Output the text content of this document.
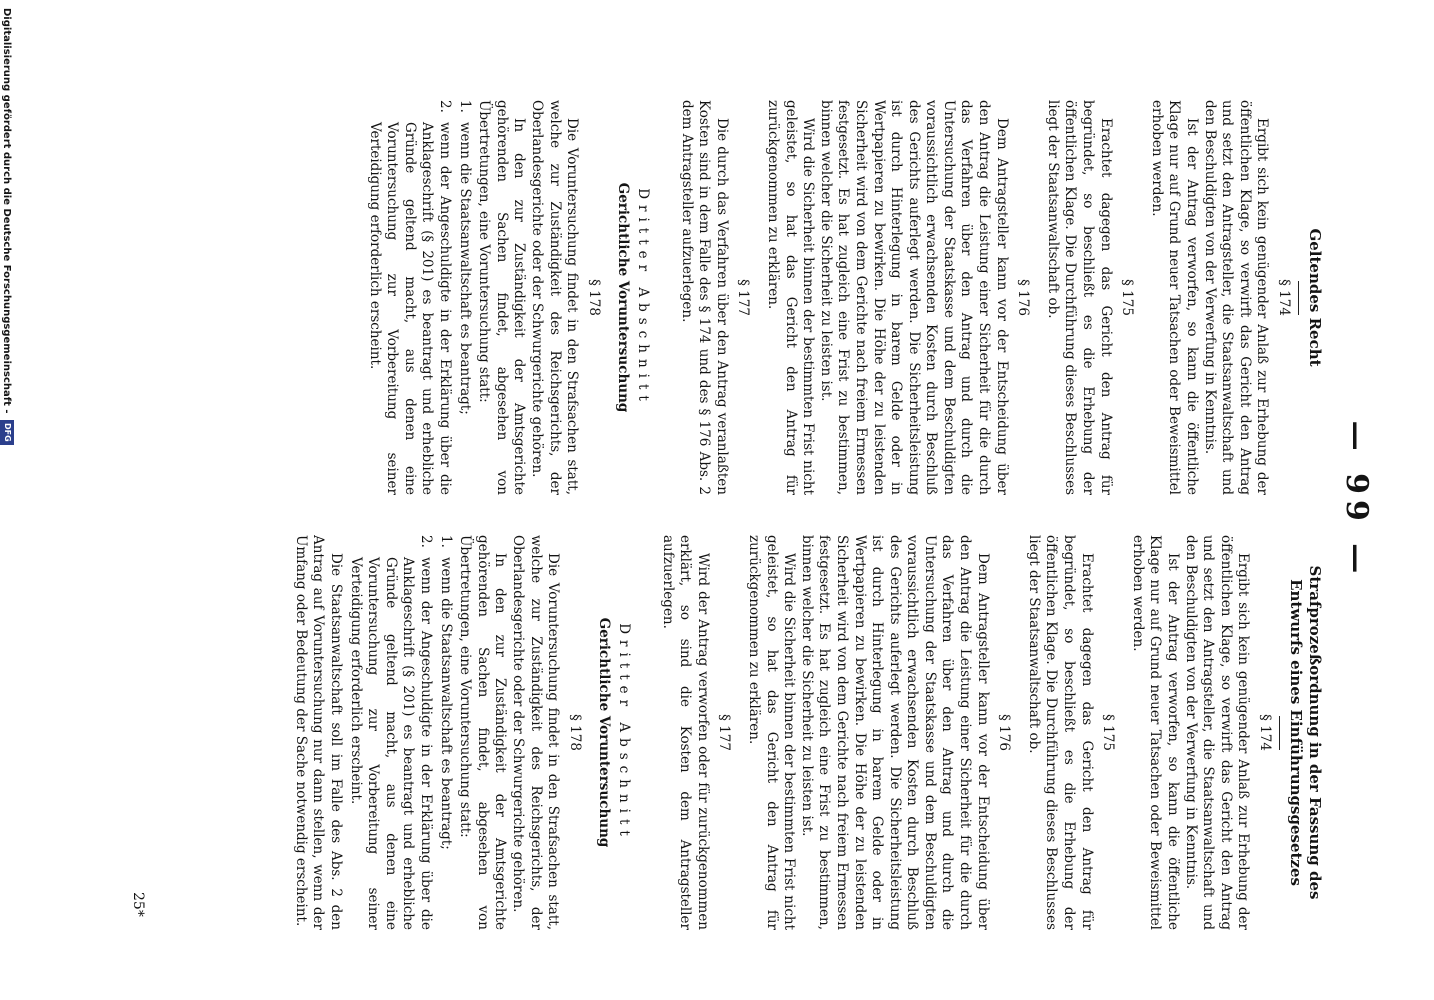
— 99 —
Geltendes Recht
§ 174

Ergibt sich kein genügender Anlaß zur Erhebung der öffentlichen Klage, so verwirft das Gericht den Antrag und setzt den Antragsteller, die Staatsanwaltschaft und den Beschuldigten von der Verwerfung in Kenntnis.

Ist der Antrag verworfen, so kann die öffentliche Klage nur auf Grund neuer Tatsachen oder Beweismittel erhoben werden.

§ 175

Erachtet dagegen das Gericht den Antrag für begründet, so beschließt es die Erhebung der öffentlichen Klage. Die Durchführung dieses Beschlusses liegt der Staatsanwaltschaft ob.

§ 176

Dem Antragsteller kann vor der Entscheidung über den Antrag die Leistung einer Sicherheit für die durch das Verfahren über den Antrag und durch die Untersuchung der Staatskasse und dem Beschuldigten voraussichtlich erwachsenden Kosten durch Beschluß des Gerichts auferlegt werden. Die Sicherheitsleistung ist durch Hinterlegung in barem Gelde oder in Wertpapieren zu bewirken. Die Höhe der zu leistenden Sicherheit wird von dem Gerichte nach freiem Ermessen festgesetzt. Es hat zugleich eine Frist zu bestimmen, binnen welcher die Sicherheit zu leisten ist.

Wird die Sicherheit binnen der bestimmten Frist nicht geleistet, so hat das Gericht den Antrag für zurückgenommen zu erklären.

§ 177

Die durch das Verfahren über den Antrag veranlaßten Kosten sind in dem Falle des § 174 und des § 176 Abs. 2 dem Antragsteller aufzuerlegen.

Dritter Abschnitt
Gerichtliche Voruntersuchung
§ 178

Die Voruntersuchung findet in den Strafsachen statt, welche zur Zuständigkeit des Reichsgerichts, der Oberlandesgerichte oder der Schwurgerichte gehören.

In den zur Zuständigkeit der Amtsgerichte gehörenden Sachen findet, abgesehen von Übertretungen, eine Voruntersuchung statt:

1.
wenn die Staatsanwaltschaft es beantragt;
2.
wenn der Angeschuldigte in der Erklärung über die Anklageschrift (§ 201) es beantragt und erhebliche Gründe geltend macht, aus denen eine Voruntersuchung zur Vorbereitung seiner Verteidigung erforderlich erscheint.
Strafprozeßordnung in der Fassung des Entwurfs eines Einführungsgesetzes
§ 174

Ergibt sich kein genügender Anlaß zur Erhebung der öffentlichen Klage, so verwirft das Gericht den Antrag und setzt den Antragsteller, die Staatsanwaltschaft und den Beschuldigten von der Verwerfung in Kenntnis.

Ist der Antrag verworfen, so kann die öffentliche Klage nur auf Grund neuer Tatsachen oder Beweismittel erhoben werden.

§ 175

Erachtet dagegen das Gericht den Antrag für begründet, so beschließt es die Erhebung der öffentlichen Klage. Die Durchführung dieses Beschlusses liegt der Staatsanwaltschaft ob.

§ 176

Dem Antragsteller kann vor der Entscheidung über den Antrag die Leistung einer Sicherheit für die durch das Verfahren über den Antrag und durch die Untersuchung der Staatskasse und dem Beschuldigten voraussichtlich erwachsenden Kosten durch Beschluß des Gerichts auferlegt werden. Die Sicherheitsleistung ist durch Hinterlegung in barem Gelde oder in Wertpapieren zu bewirken. Die Höhe der zu leistenden Sicherheit wird von dem Gerichte nach freiem Ermessen festgesetzt. Es hat zugleich eine Frist zu bestimmen, binnen welcher die Sicherheit zu leisten ist.

Wird die Sicherheit binnen der bestimmten Frist nicht geleistet, so hat das Gericht den Antrag für zurückgenommen zu erklären.

§ 177

Wird der Antrag verworfen oder für zurückgenommen erklärt, so sind die Kosten dem Antragsteller aufzuerlegen.

Dritter Abschnitt
Gerichtliche Voruntersuchung
§ 178

Die Voruntersuchung findet in den Strafsachen statt, welche zur Zuständigkeit des Reichsgerichts, der Oberlandesgerichte oder der Schwurgerichte gehören.

In den zur Zuständigkeit der Amtsgerichte gehörenden Sachen findet, abgesehen von Übertretungen, eine Voruntersuchung statt:

1.
wenn die Staatsanwaltschaft es beantragt;
2.
wenn der Angeschuldigte in der Erklärung über die Anklageschrift (§ 201) es beantragt und erhebliche Gründe geltend macht, aus denen eine Voruntersuchung zur Vorbereitung seiner Verteidigung erforderlich erscheint.

Die Staatsanwaltschaft soll im Falle des Abs. 2 den Antrag auf Voruntersuchung nur dann stellen, wenn der Umfang oder Bedeutung der Sache notwendig erscheint.

25*
Digitalisierung gefördert durch die Deutsche Forschungsgemeinschaft - DFG
